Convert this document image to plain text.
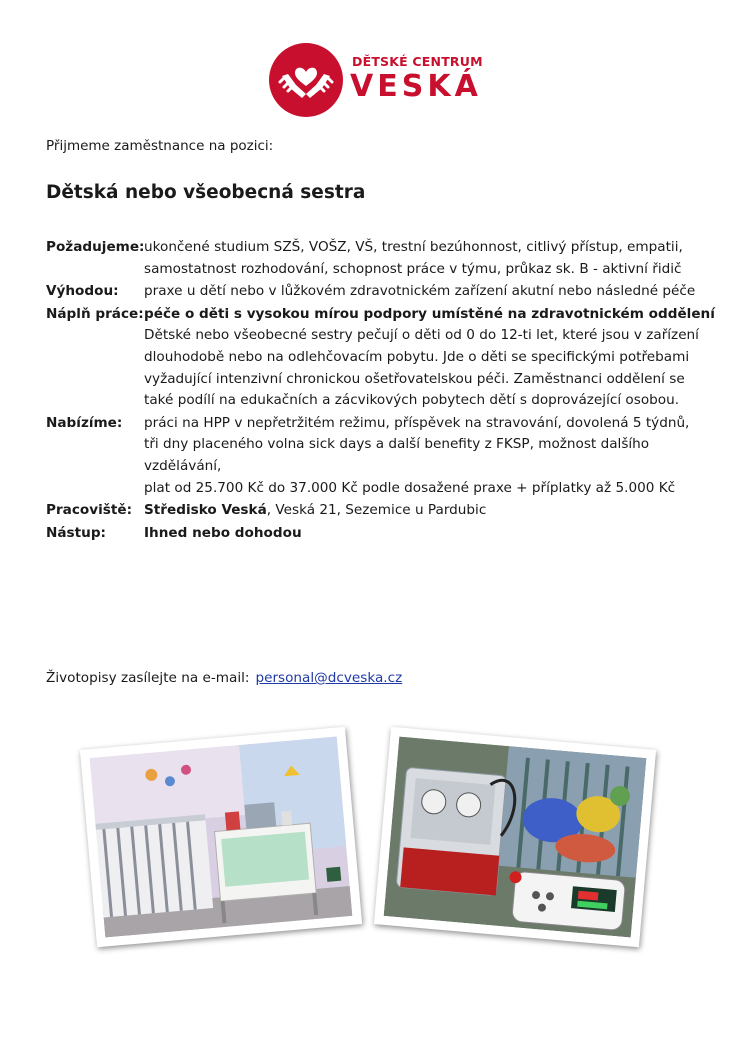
DĚTSKÉ CENTRUM
VESKÁ
Přijmeme zaměstnance na pozici:
Dětská nebo všeobecná sestra
Požadujeme: ukončené studium SZŠ, VOŠZ, VŠ, trestní bezúhonnost, citlivý přístup, empatii, samostatnost rozhodování, schopnost práce v týmu, průkaz sk. B - aktivní řidič
Výhodou:	praxe u dětí nebo v lůžkovém zdravotnickém zařízení akutní nebo následné péče
Náplň práce: péče o děti s vysokou mírou podpory umístěné na zdravotnickém oddělení

Dětské nebo všeobecné sestry pečují o děti od 0 do 12-ti let, které jsou v zařízení dlouhodobě nebo na odlehčovacím pobytu. Jde o děti se specifickými potřebami vyžadující intenzivní chronickou ošetřovatelskou péči. Zaměstnanci oddělení se také podílí na edukačních a zácvikových pobytech dětí s doprovázející osobou.

Nabízíme:	práci na HPP v nepřetržitém režimu, příspěvek na stravování, dovolená 5 týdnů,

tři dny placeného volna sick days a další benefity z FKSP, možnost dalšího vzdělávání,

plat od 25.700 Kč do 37.000 Kč podle dosažené praxe + příplatky až 5.000 Kč

Pracoviště: Středisko Veská, Veská 21, Sezemice u Pardubic
Nástup:	Ihned nebo dohodou
Životopisy zasílejte na e-mail: personal@dcveska.cz
